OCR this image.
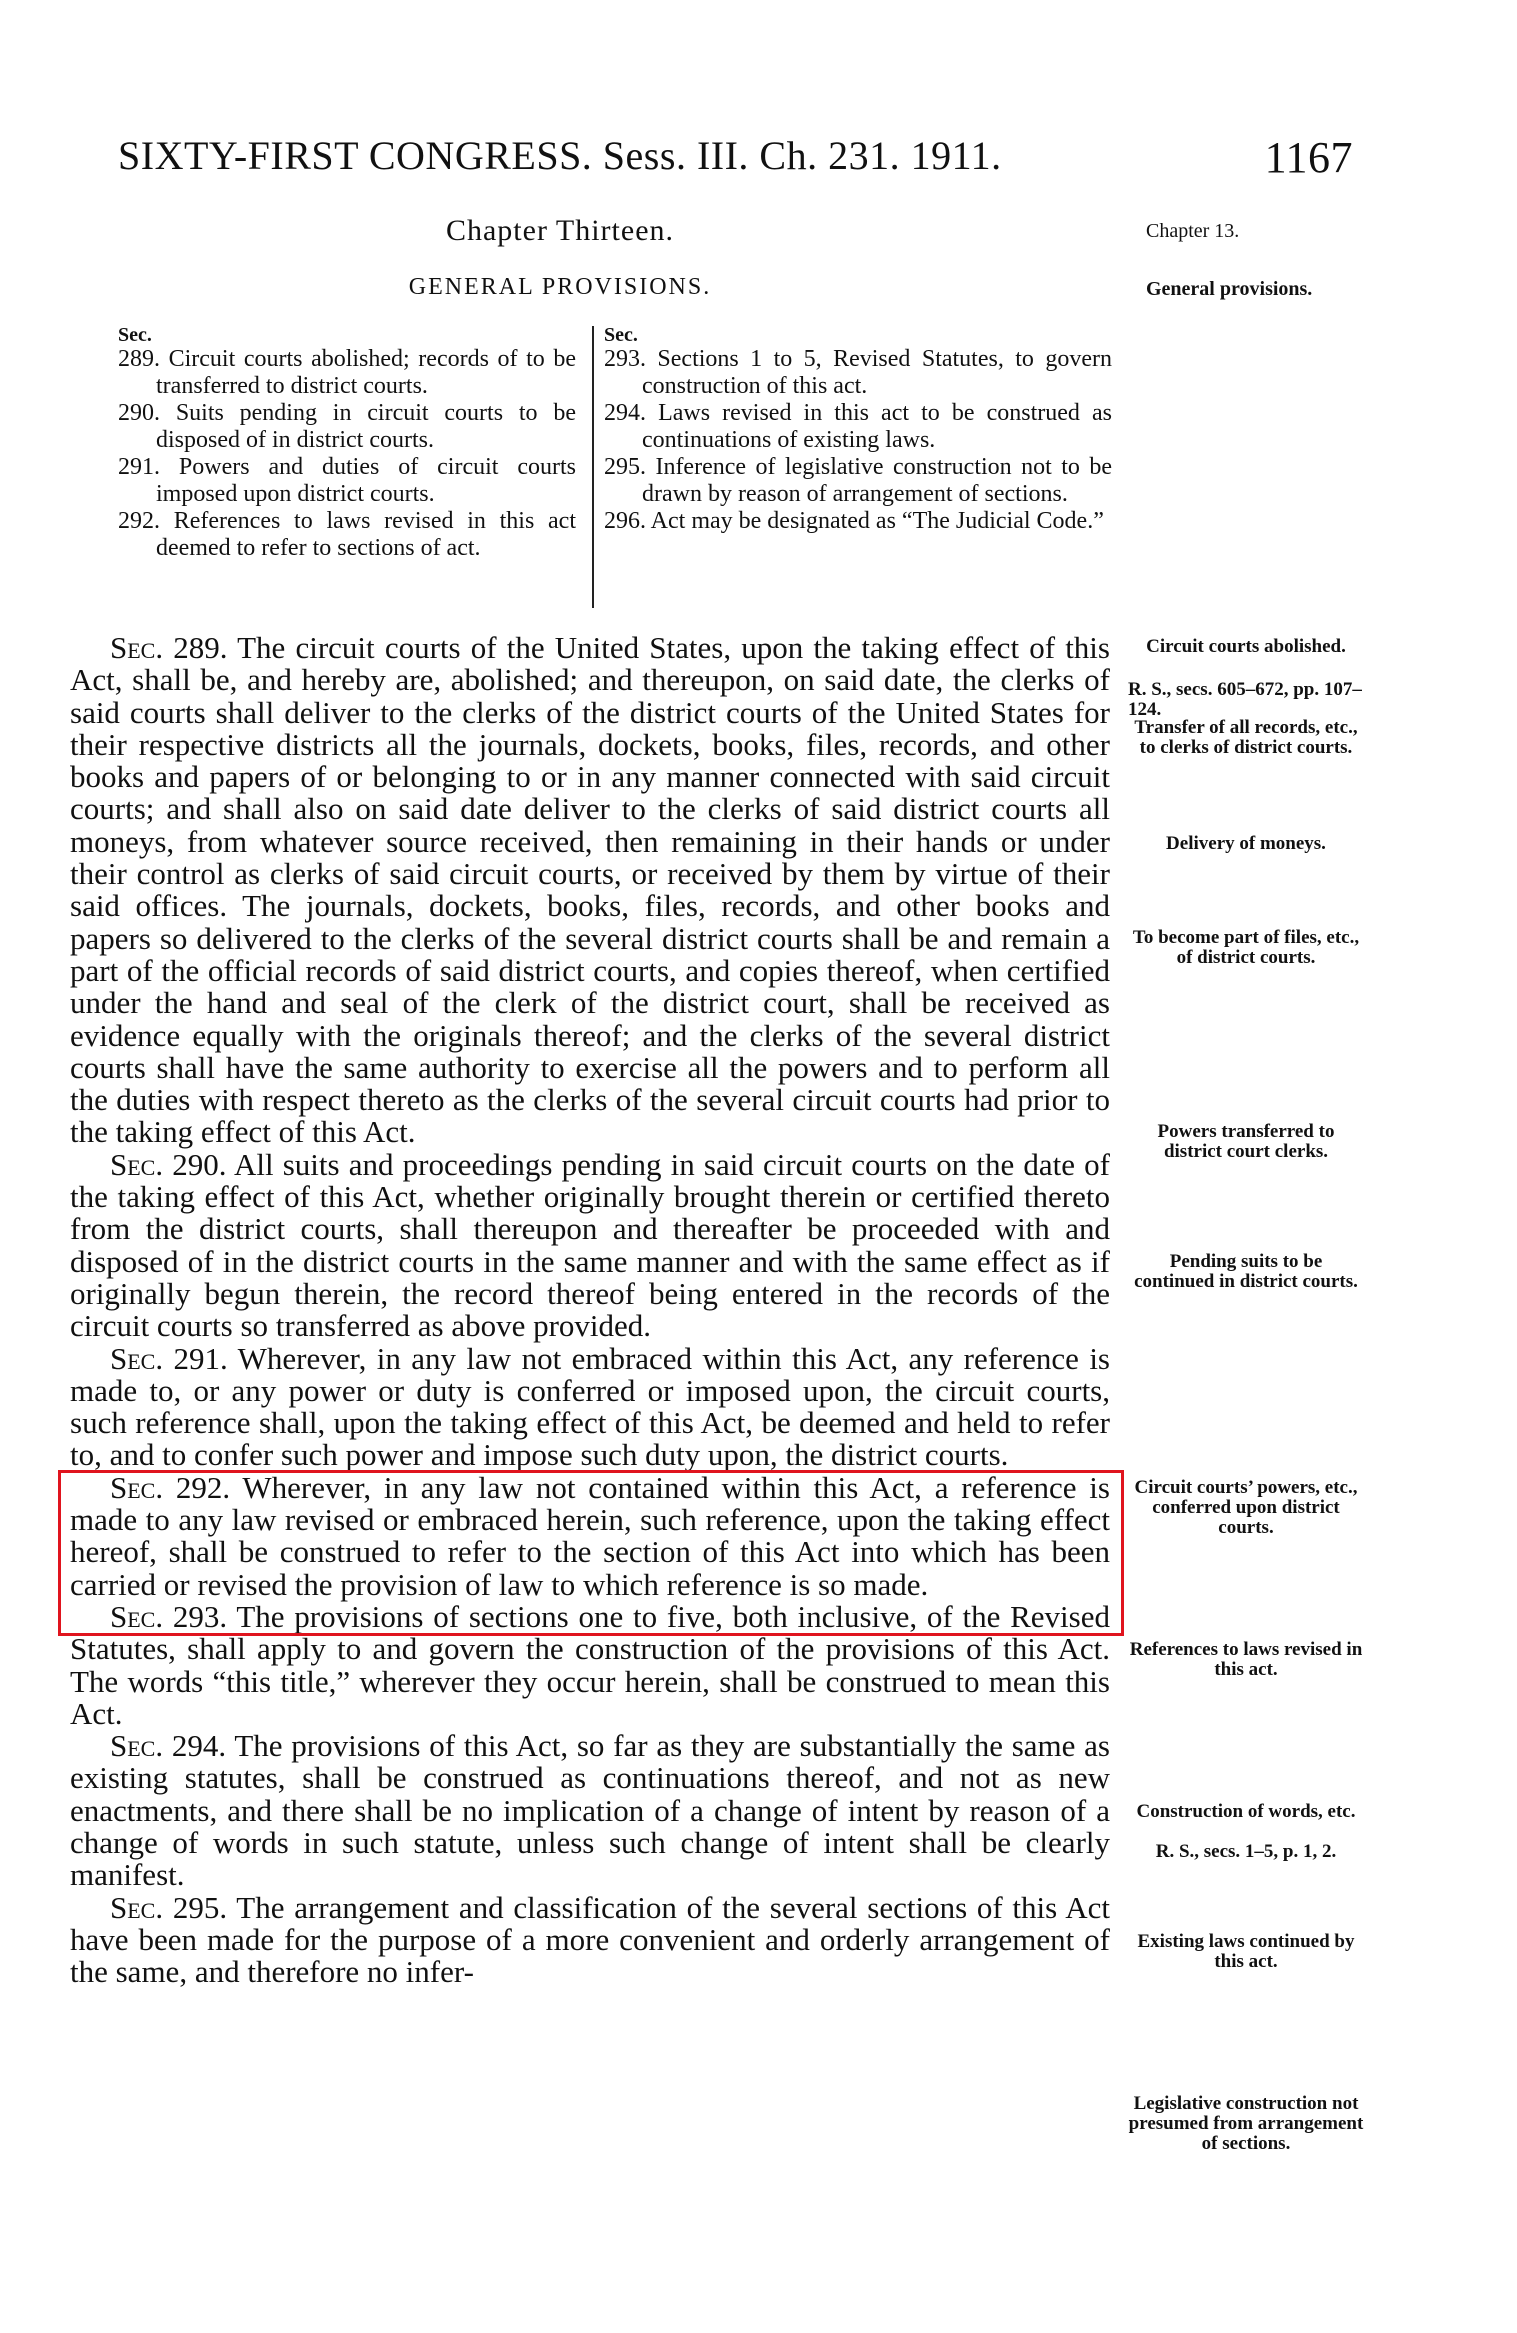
SIXTY-FIRST CONGRESS. Sess. III. Ch. 231. 1911.	1167
Chapter Thirteen.	Chapter 13.
GENERAL PROVISIONS.	General provisions.
Sec.
289. Circuit courts abolished; records of to be transferred to district courts.
290. Suits pending in circuit courts to be disposed of in district courts.
291. Powers and duties of circuit courts imposed upon district courts.
292. References to laws revised in this act deemed to refer to sections of act.
Sec.
293. Sections 1 to 5, Revised Statutes, to govern construction of this act.
294. Laws revised in this act to be construed as continuations of existing laws.
295. Inference of legislative construction not to be drawn by reason of arrangement of sections.
296. Act may be designated as “The Judicial Code.”

Sec. 289. The circuit courts of the United States, upon the taking effect of this Act, shall be, and hereby are, abolished; and thereupon, on said date, the clerks of said courts shall deliver to the clerks of the district courts of the United States for their respective districts all the journals, dockets, books, files, records, and other books and papers of or belonging to or in any manner connected with said circuit courts; and shall also on said date deliver to the clerks of said district courts all moneys, from whatever source received, then remaining in their hands or under their control as clerks of said circuit courts, or received by them by virtue of their said offices. The journals, dockets, books, files, records, and other books and papers so delivered to the clerks of the several district courts shall be and remain a part of the official records of said district courts, and copies thereof, when certified under the hand and seal of the clerk of the district court, shall be received as evidence equally with the originals thereof; and the clerks of the several district courts shall have the same authority to exercise all the powers and to perform all the duties with respect thereto as the clerks of the several circuit courts had prior to the taking effect of this Act.

Sec. 290. All suits and proceedings pending in said circuit courts on the date of the taking effect of this Act, whether originally brought therein or certified thereto from the district courts, shall thereupon and thereafter be proceeded with and disposed of in the district courts in the same manner and with the same effect as if originally begun therein, the record thereof being entered in the records of the circuit courts so transferred as above provided.

Sec. 291. Wherever, in any law not embraced within this Act, any reference is made to, or any power or duty is conferred or imposed upon, the circuit courts, such reference shall, upon the taking effect of this Act, be deemed and held to refer to, and to confer such power and impose such duty upon, the district courts.

Sec. 292. Wherever, in any law not contained within this Act, a reference is made to any law revised or embraced herein, such reference, upon the taking effect hereof, shall be construed to refer to the section of this Act into which has been carried or revised the provision of law to which reference is so made.

Sec. 293. The provisions of sections one to five, both inclusive, of the Revised Statutes, shall apply to and govern the construction of the provisions of this Act. The words “this title,” wherever they occur herein, shall be construed to mean this Act.

Sec. 294. The provisions of this Act, so far as they are substantially the same as existing statutes, shall be construed as continuations thereof, and not as new enactments, and there shall be no implication of a change of intent by reason of a change of words in such statute, unless such change of intent shall be clearly manifest.

Sec. 295. The arrangement and classification of the several sections of this Act have been made for the purpose of a more convenient and orderly arrangement of the same, and therefore no infer-

Circuit courts abolished.
R. S., secs. 605–672, pp. 107–124.
Transfer of all records, etc., to clerks of district courts.
Delivery of moneys.
To become part of files, etc., of district courts.
Powers transferred to district court clerks.
Pending suits to be continued in district courts.
Circuit courts’ powers, etc., conferred upon district courts.
References to laws revised in this act.
Construction of words, etc.
R. S., secs. 1–5, p. 1, 2.
Existing laws continued by this act.
Legislative construction not presumed from arrangement of sections.
